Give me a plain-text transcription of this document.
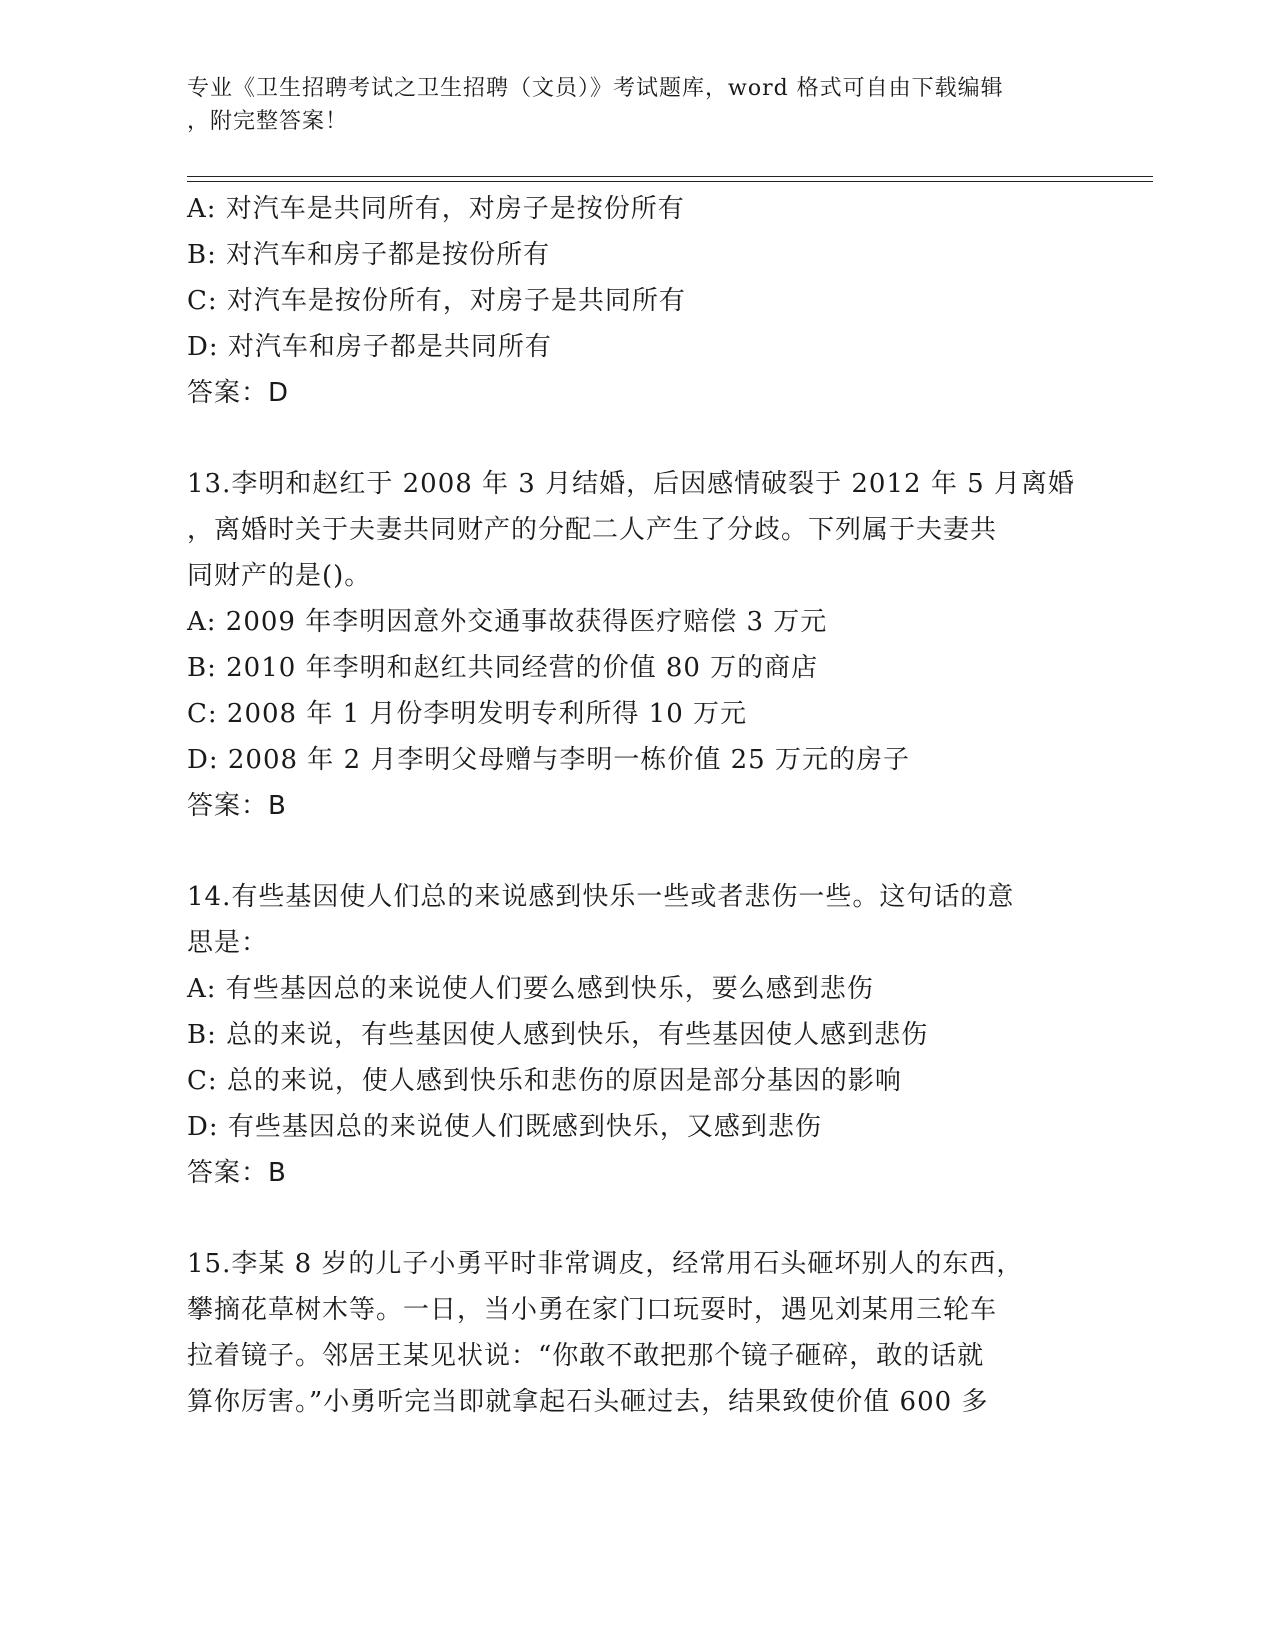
专业《卫生招聘考试之卫生招聘（文员）》考试题库，word 格式可自由下载编辑
，附完整答案！
A: 对汽车是共同所有，对房子是按份所有
B: 对汽车和房子都是按份所有
C: 对汽车是按份所有，对房子是共同所有
D: 对汽车和房子都是共同所有
答案：D
13.李明和赵红于 2008 年 3 月结婚，后因感情破裂于 2012 年 5 月离婚
，离婚时关于夫妻共同财产的分配二人产生了分歧。下列属于夫妻共
同财产的是()。
A: 2009 年李明因意外交通事故获得医疗赔偿 3 万元
B: 2010 年李明和赵红共同经营的价值 80 万的商店
C: 2008 年 1 月份李明发明专利所得 10 万元
D: 2008 年 2 月李明父母赠与李明一栋价值 25 万元的房子
答案：B
14.有些基因使人们总的来说感到快乐一些或者悲伤一些。这句话的意
思是：
A: 有些基因总的来说使人们要么感到快乐，要么感到悲伤
B: 总的来说，有些基因使人感到快乐，有些基因使人感到悲伤
C: 总的来说，使人感到快乐和悲伤的原因是部分基因的影响
D: 有些基因总的来说使人们既感到快乐，又感到悲伤
答案：B
15.李某 8 岁的儿子小勇平时非常调皮，经常用石头砸坏别人的东西，
攀摘花草树木等。一日，当小勇在家门口玩耍时，遇见刘某用三轮车
拉着镜子。邻居王某见状说：“你敢不敢把那个镜子砸碎，敢的话就
算你厉害。”小勇听完当即就拿起石头砸过去，结果致使价值 600 多
